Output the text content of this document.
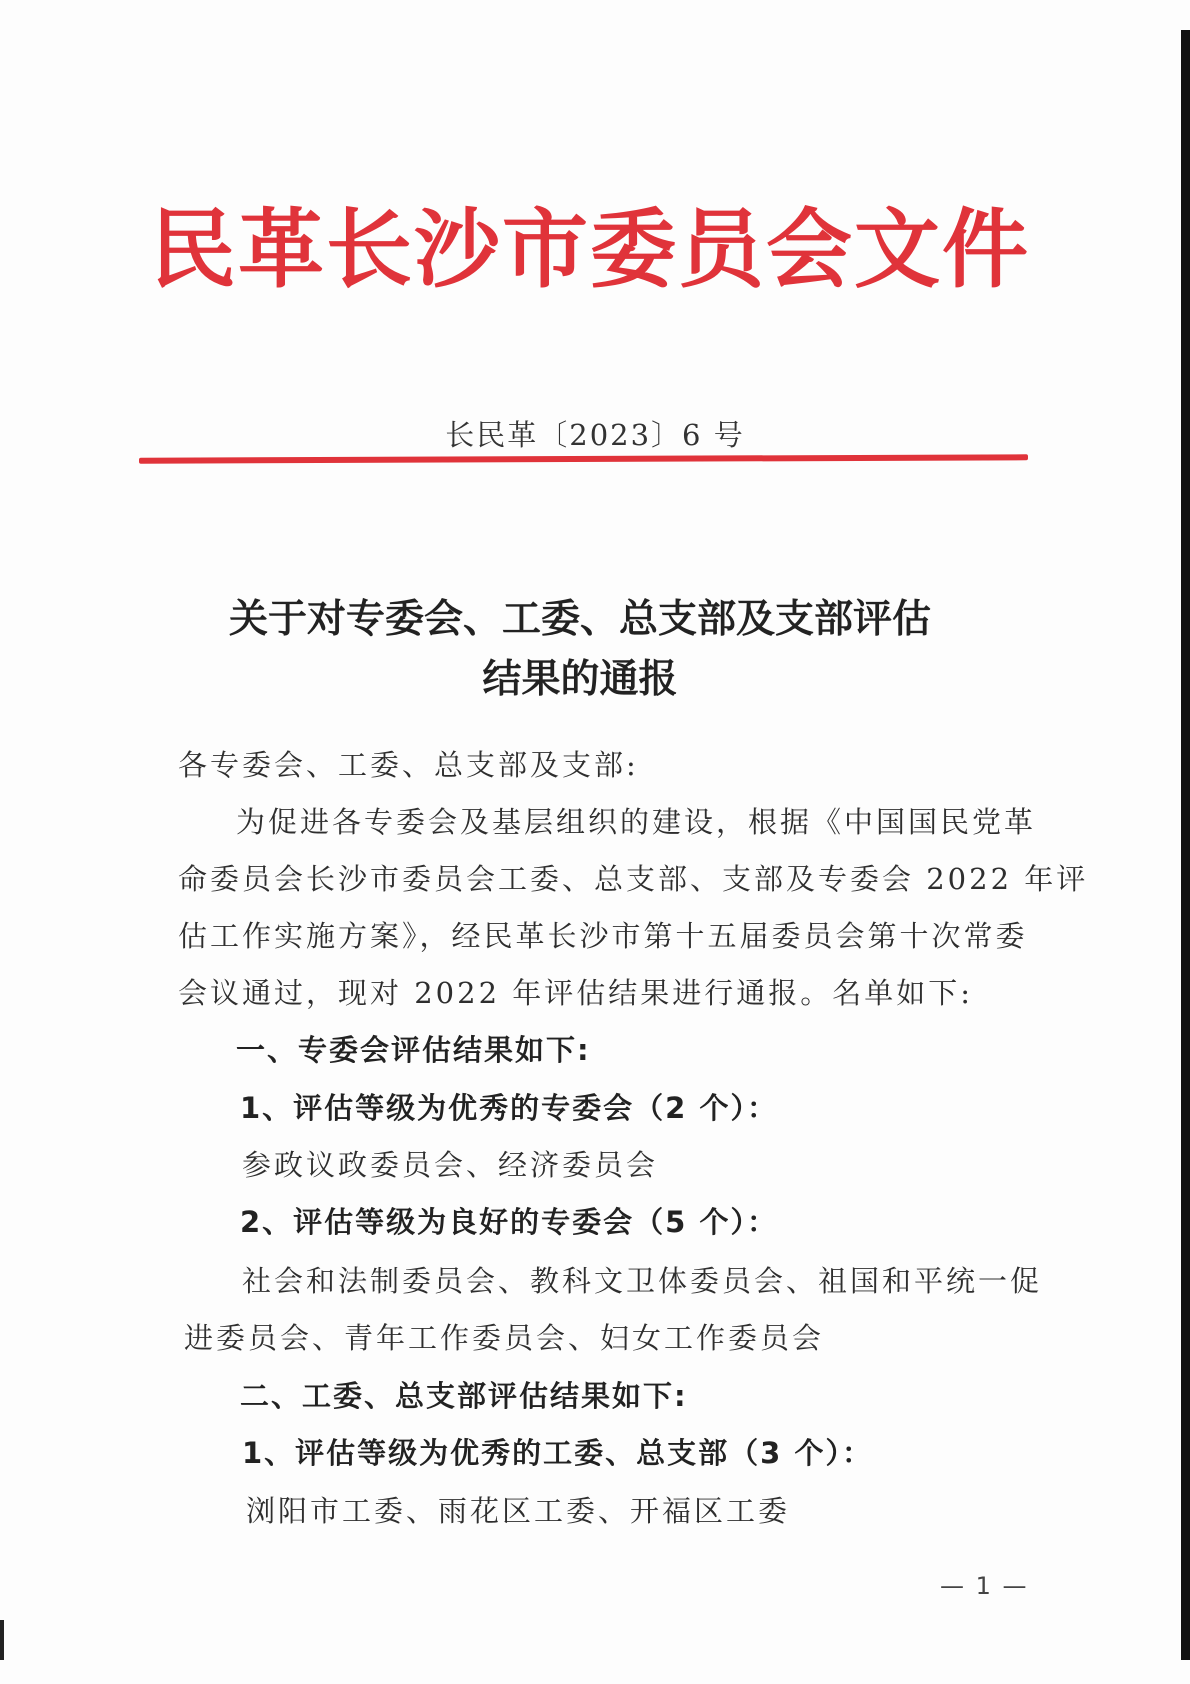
民革长沙市委员会文件
长民革〔2023〕6 号
关于对专委会、工委、总支部及支部评估
结果的通报
各专委会、工委、总支部及支部:
为促进各专委会及基层组织的建设，根据《中国国民党革
命委员会长沙市委员会工委、总支部、支部及专委会 2022 年评
估工作实施方案》，经民革长沙市第十五届委员会第十次常委
会议通过，现对 2022 年评估结果进行通报。名单如下:
一、专委会评估结果如下:
1、评估等级为优秀的专委会（2 个）：
参政议政委员会、经济委员会
2、评估等级为良好的专委会（5 个）：
社会和法制委员会、教科文卫体委员会、祖国和平统一促
进委员会、青年工作委员会、妇女工作委员会
二、工委、总支部评估结果如下:
1、评估等级为优秀的工委、总支部（3 个）：
浏阳市工委、雨花区工委、开福区工委
— 1 —
